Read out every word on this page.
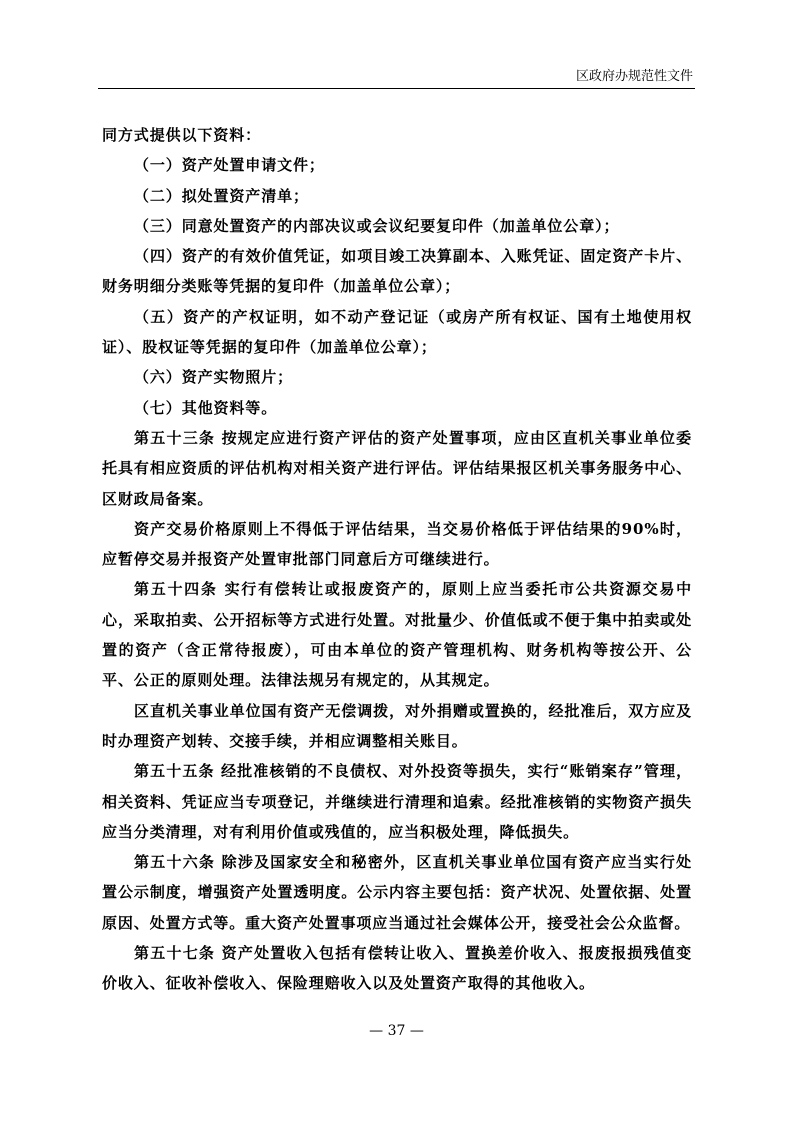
区政府办规范性文件

同方式提供以下资料：

（一）资产处置申请文件；

（二）拟处置资产清单；

（三）同意处置资产的内部决议或会议纪要复印件（加盖单位公章）；

（四）资产的有效价值凭证，如项目竣工决算副本、入账凭证、固定资产卡片、财务明细分类账等凭据的复印件（加盖单位公章）；

（五）资产的产权证明，如不动产登记证（或房产所有权证、国有土地使用权证）、股权证等凭据的复印件（加盖单位公章）；

（六）资产实物照片；

（七）其他资料等。

第五十三条 按规定应进行资产评估的资产处置事项，应由区直机关事业单位委托具有相应资质的评估机构对相关资产进行评估。评估结果报区机关事务服务中心、区财政局备案。

资产交易价格原则上不得低于评估结果，当交易价格低于评估结果的90%时，应暂停交易并报资产处置审批部门同意后方可继续进行。

第五十四条 实行有偿转让或报废资产的，原则上应当委托市公共资源交易中心，采取拍卖、公开招标等方式进行处置。对批量少、价值低或不便于集中拍卖或处置的资产（含正常待报废），可由本单位的资产管理机构、财务机构等按公开、公平、公正的原则处理。法律法规另有规定的，从其规定。

区直机关事业单位国有资产无偿调拨，对外捐赠或置换的，经批准后，双方应及时办理资产划转、交接手续，并相应调整相关账目。

第五十五条 经批准核销的不良债权、对外投资等损失，实行“账销案存”管理，相关资料、凭证应当专项登记，并继续进行清理和追索。经批准核销的实物资产损失应当分类清理，对有利用价值或残值的，应当积极处理，降低损失。

第五十六条 除涉及国家安全和秘密外，区直机关事业单位国有资产应当实行处置公示制度，增强资产处置透明度。公示内容主要包括：资产状况、处置依据、处置原因、处置方式等。重大资产处置事项应当通过社会媒体公开，接受社会公众监督。

第五十七条 资产处置收入包括有偿转让收入、置换差价收入、报废报损残值变价收入、征收补偿收入、保险理赔收入以及处置资产取得的其他收入。

— 37 —
